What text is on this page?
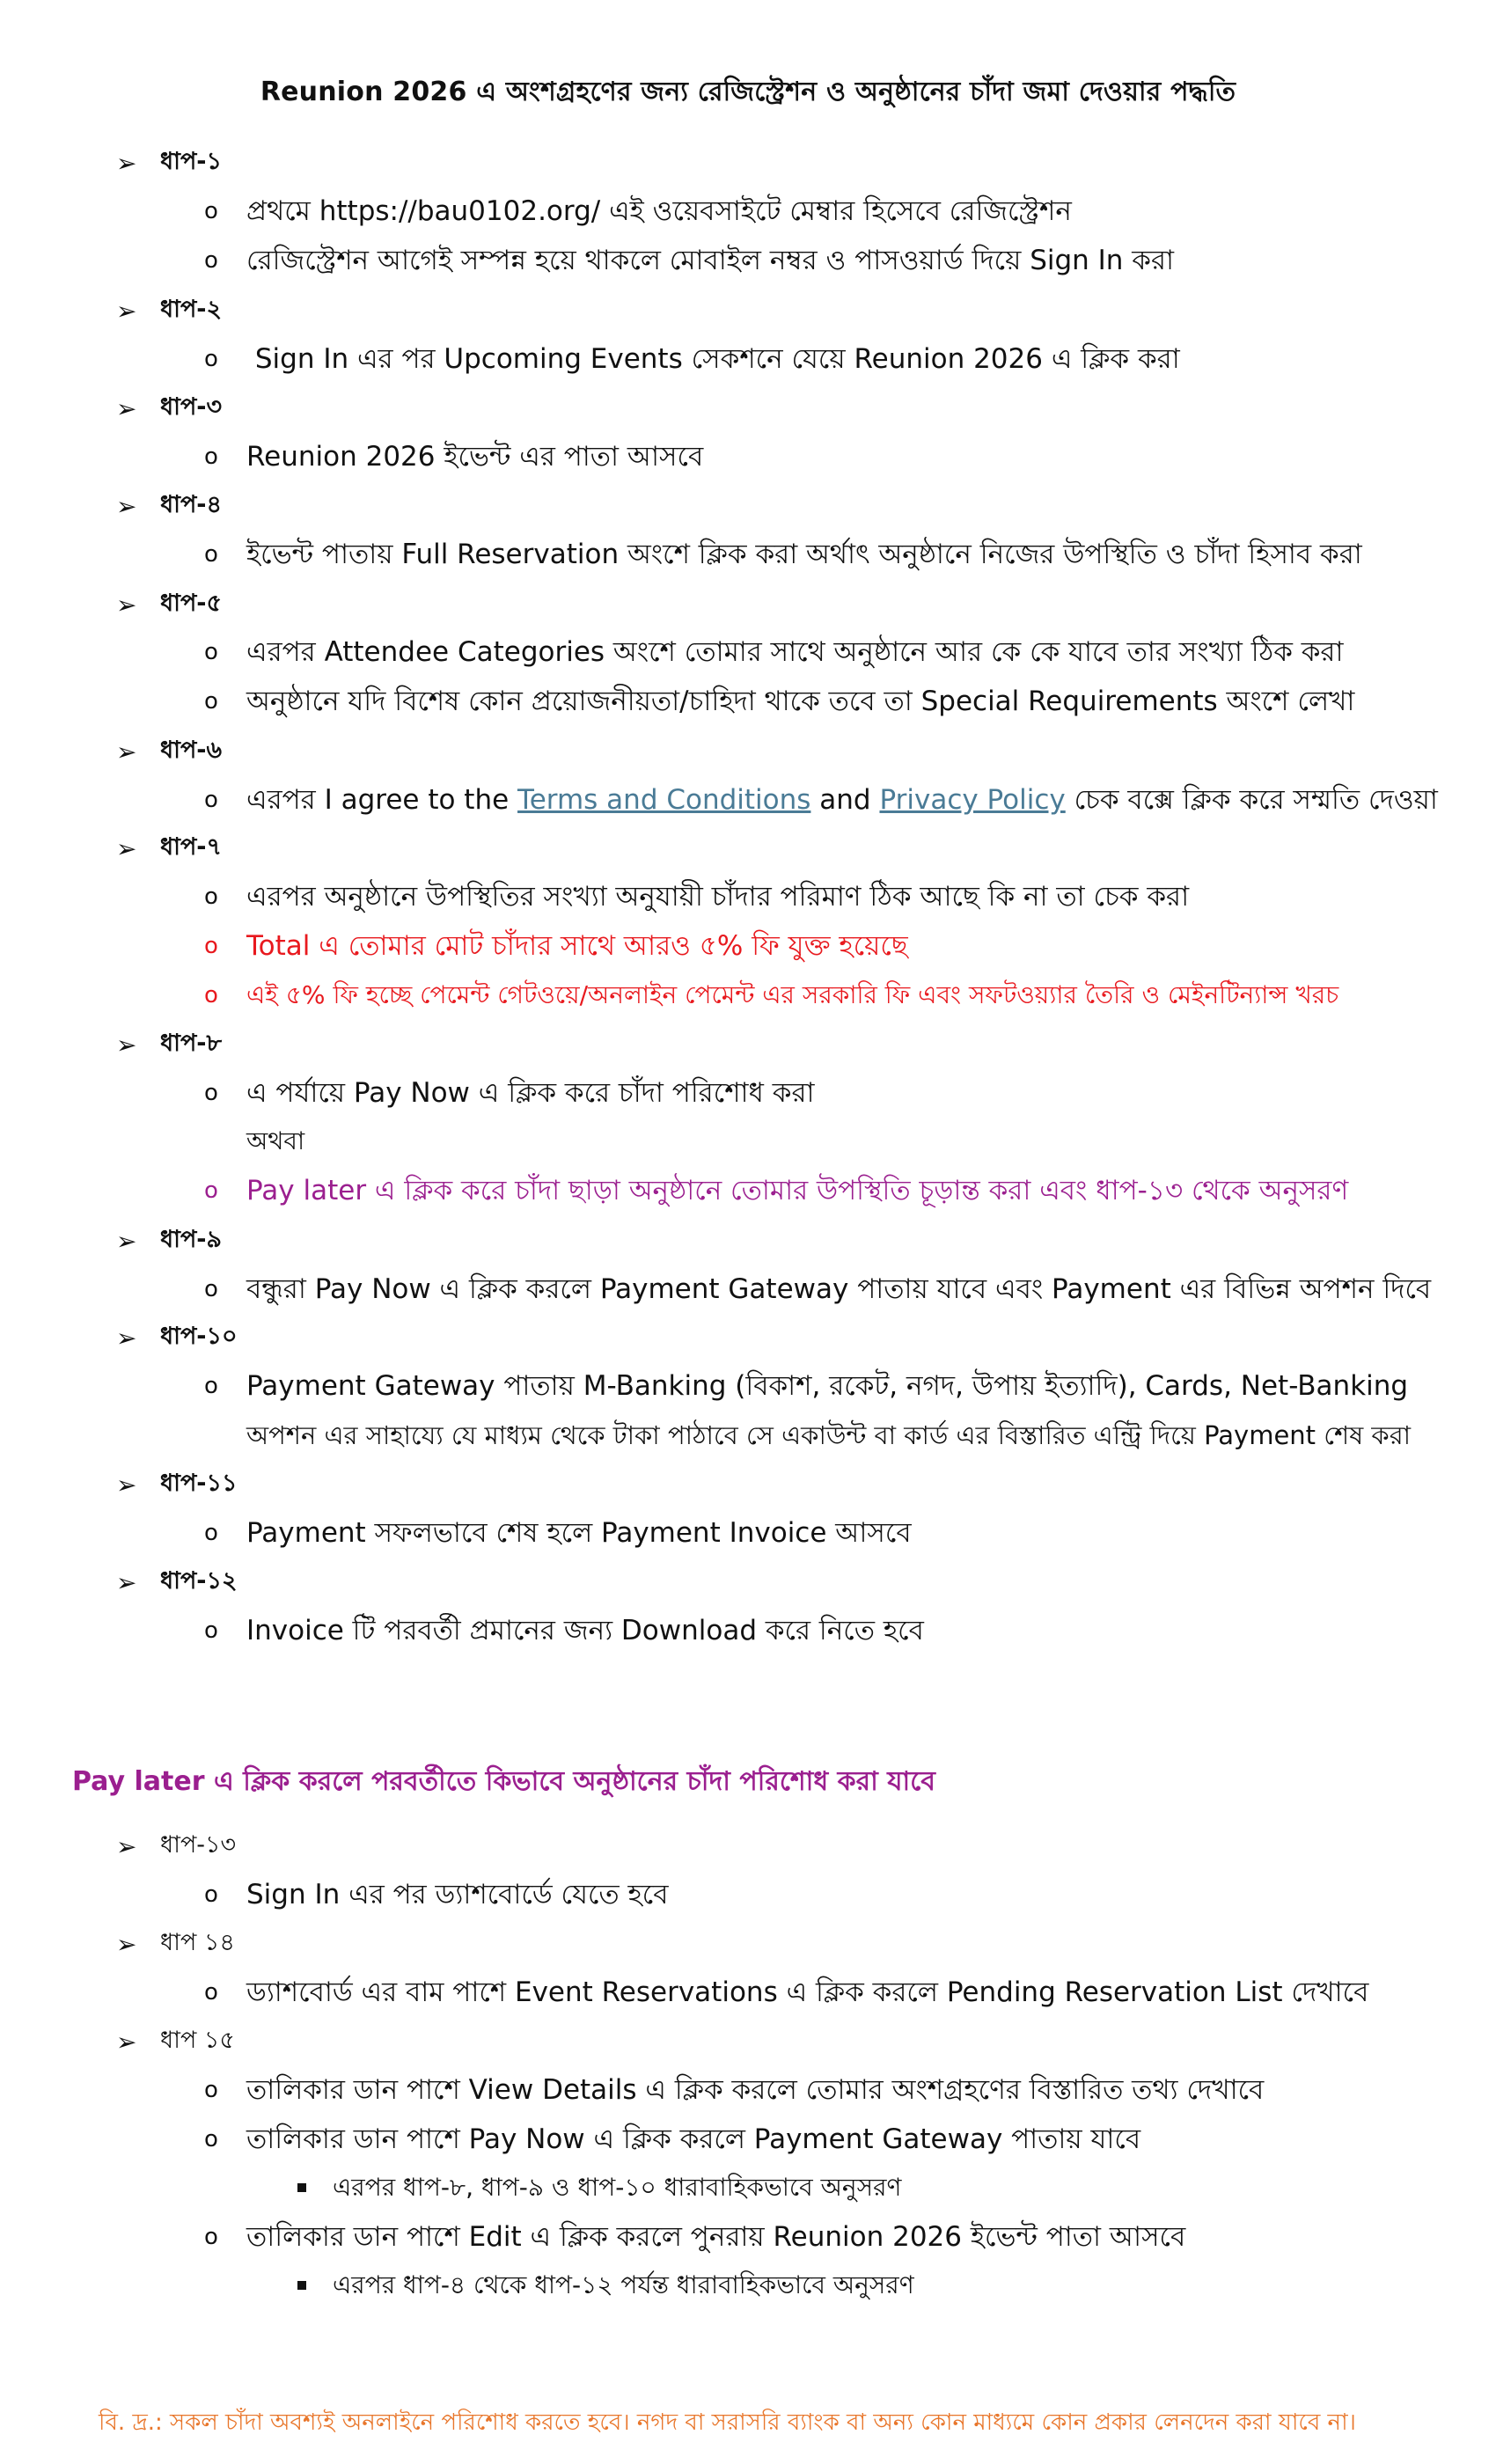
Reunion 2026 এ অংশগ্রহণের জন্য রেজিস্ট্রেশন ও অনুষ্ঠানের চাঁদা জমা দেওয়ার পদ্ধতি
➢ ধাপ-১
o	প্রথমে https://bau0102.org/ এই ওয়েবসাইটে মেম্বার হিসেবে রেজিস্ট্রেশন
o	রেজিস্ট্রেশন আগেই সম্পন্ন হয়ে থাকলে মোবাইল নম্বর ও পাসওয়ার্ড দিয়ে Sign In করা
➢ ধাপ-২
o	Sign In এর পর Upcoming Events সেকশনে যেয়ে Reunion 2026 এ ক্লিক করা
➢ ধাপ-৩
o	Reunion 2026 ইভেন্ট এর পাতা আসবে
➢ ধাপ-৪
o	ইভেন্ট পাতায় Full Reservation অংশে ক্লিক করা অর্থাৎ অনুষ্ঠানে নিজের উপস্থিতি ও চাঁদা হিসাব করা
➢ ধাপ-৫
o	এরপর Attendee Categories অংশে তোমার সাথে অনুষ্ঠানে আর কে কে যাবে তার সংখ্যা ঠিক করা
o	অনুষ্ঠানে যদি বিশেষ কোন প্রয়োজনীয়তা/চাহিদা থাকে তবে তা Special Requirements অংশে লেখা
➢ ধাপ-৬
o	এরপর I agree to the Terms and Conditions and Privacy Policy চেক বক্সে ক্লিক করে সম্মতি দেওয়া
➢ ধাপ-৭
o	এরপর অনুষ্ঠানে উপস্থিতির সংখ্যা অনুযায়ী চাঁদার পরিমাণ ঠিক আছে কি না তা চেক করা
o	Total এ তোমার মোট চাঁদার সাথে আরও ৫% ফি যুক্ত হয়েছে
o	এই ৫% ফি হচ্ছে পেমেন্ট গেটওয়ে/অনলাইন পেমেন্ট এর সরকারি ফি এবং সফটওয়্যার তৈরি ও মেইনটিন্যান্স খরচ
➢ ধাপ-৮
o	এ পর্যায়ে Pay Now এ ক্লিক করে চাঁদা পরিশোধ করা
অথবা
o	Pay later এ ক্লিক করে চাঁদা ছাড়া অনুষ্ঠানে তোমার উপস্থিতি চূড়ান্ত করা এবং ধাপ-১৩ থেকে অনুসরণ
➢ ধাপ-৯
o	বন্ধুরা Pay Now এ ক্লিক করলে Payment Gateway পাতায় যাবে এবং Payment এর বিভিন্ন অপশন দিবে
➢ ধাপ-১০
o	Payment Gateway পাতায় M-Banking (বিকাশ, রকেট, নগদ, উপায় ইত্যাদি), Cards, Net-Banking
অপশন এর সাহায্যে যে মাধ্যম থেকে টাকা পাঠাবে সে একাউন্ট বা কার্ড এর বিস্তারিত এন্ট্রি দিয়ে Payment শেষ করা
➢ ধাপ-১১
o	Payment সফলভাবে শেষ হলে Payment Invoice আসবে
➢ ধাপ-১২
o	Invoice টি পরবর্তী প্রমানের জন্য Download করে নিতে হবে
Pay later এ ক্লিক করলে পরবর্তীতে কিভাবে অনুষ্ঠানের চাঁদা পরিশোধ করা যাবে
➢ ধাপ-১৩
o	Sign In এর পর ড্যাশবোর্ডে যেতে হবে
➢ ধাপ ১৪
o	ড্যাশবোর্ড এর বাম পাশে Event Reservations এ ক্লিক করলে Pending Reservation List দেখাবে
➢ ধাপ ১৫
o	তালিকার ডান পাশে View Details এ ক্লিক করলে তোমার অংশগ্রহণের বিস্তারিত তথ্য দেখাবে
o	তালিকার ডান পাশে Pay Now এ ক্লিক করলে Payment Gateway পাতায় যাবে
এরপর ধাপ-৮, ধাপ-৯ ও ধাপ-১০ ধারাবাহিকভাবে অনুসরণ
o	তালিকার ডান পাশে Edit এ ক্লিক করলে পুনরায় Reunion 2026 ইভেন্ট পাতা আসবে
এরপর ধাপ-৪ থেকে ধাপ-১২ পর্যন্ত ধারাবাহিকভাবে অনুসরণ
বি. দ্র.: সকল চাঁদা অবশ্যই অনলাইনে পরিশোধ করতে হবে। নগদ বা সরাসরি ব্যাংক বা অন্য কোন মাধ্যমে কোন প্রকার লেনদেন করা যাবে না।
